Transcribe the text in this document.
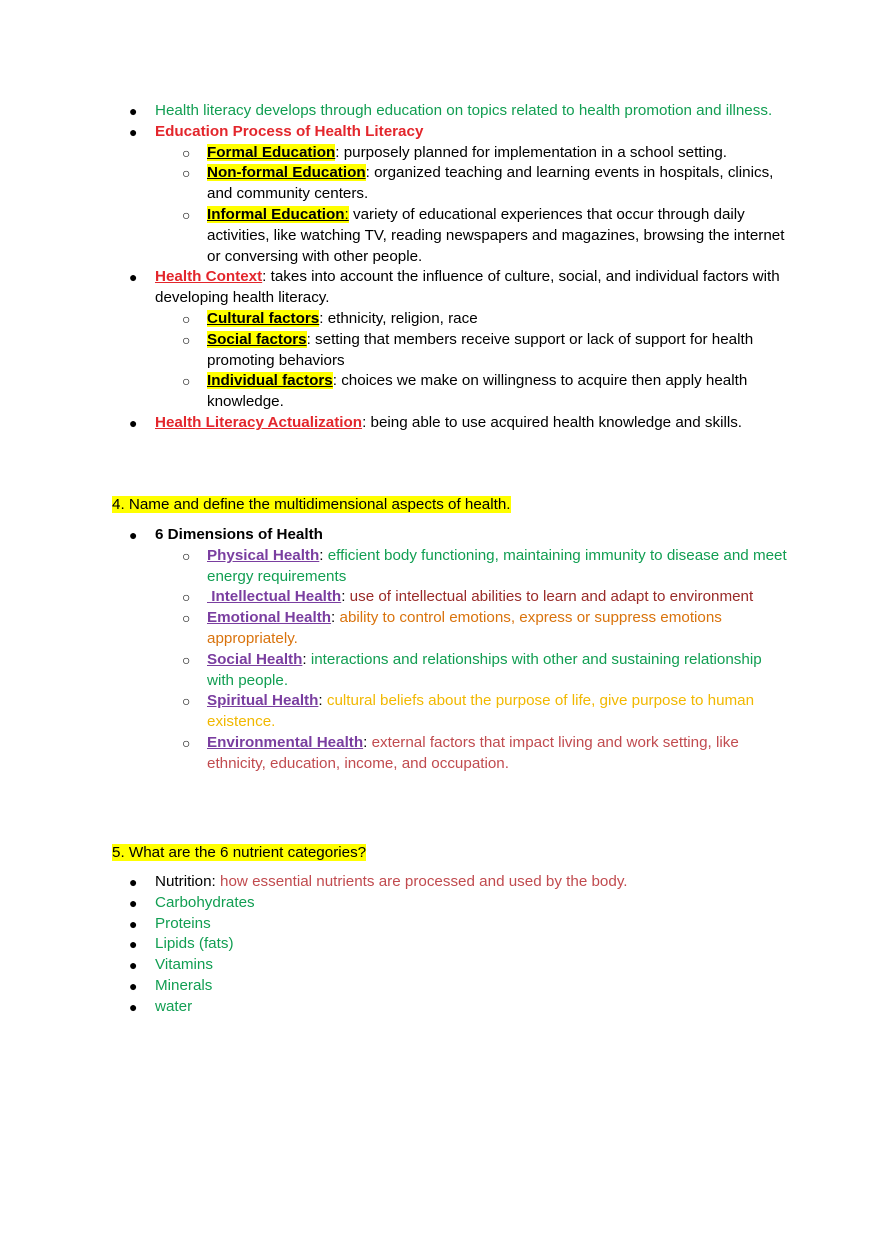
● Health literacy develops through education on topics related to health promotion and illness.
● Education Process of Health Literacy
○ Formal Education: purposely planned for implementation in a school setting.
○ Non-formal Education: organized teaching and learning events in hospitals, clinics, and community centers.
○ Informal Education: variety of educational experiences that occur through daily activities, like watching TV, reading newspapers and magazines, browsing the internet or conversing with other people.
● Health Context: takes into account the influence of culture, social, and individual factors with developing health literacy.
○ Cultural factors: ethnicity, religion, race
○ Social factors: setting that members receive support or lack of support for health promoting behaviors
○ Individual factors: choices we make on willingness to acquire then apply health knowledge.
● Health Literacy Actualization: being able to use acquired health knowledge and skills.
4. Name and define the multidimensional aspects of health.
● 6 Dimensions of Health
○ Physical Health: efficient body functioning, maintaining immunity to disease and meet energy requirements
○ Intellectual Health: use of intellectual abilities to learn and adapt to environment
○ Emotional Health: ability to control emotions, express or suppress emotions appropriately.
○ Social Health: interactions and relationships with other and sustaining relationship with people.
○ Spiritual Health: cultural beliefs about the purpose of life, give purpose to human existence.
○ Environmental Health: external factors that impact living and work setting, like ethnicity, education, income, and occupation.
5. What are the 6 nutrient categories?
● Nutrition: how essential nutrients are processed and used by the body.
● Carbohydrates
● Proteins
● Lipids (fats)
● Vitamins
● Minerals
● water
